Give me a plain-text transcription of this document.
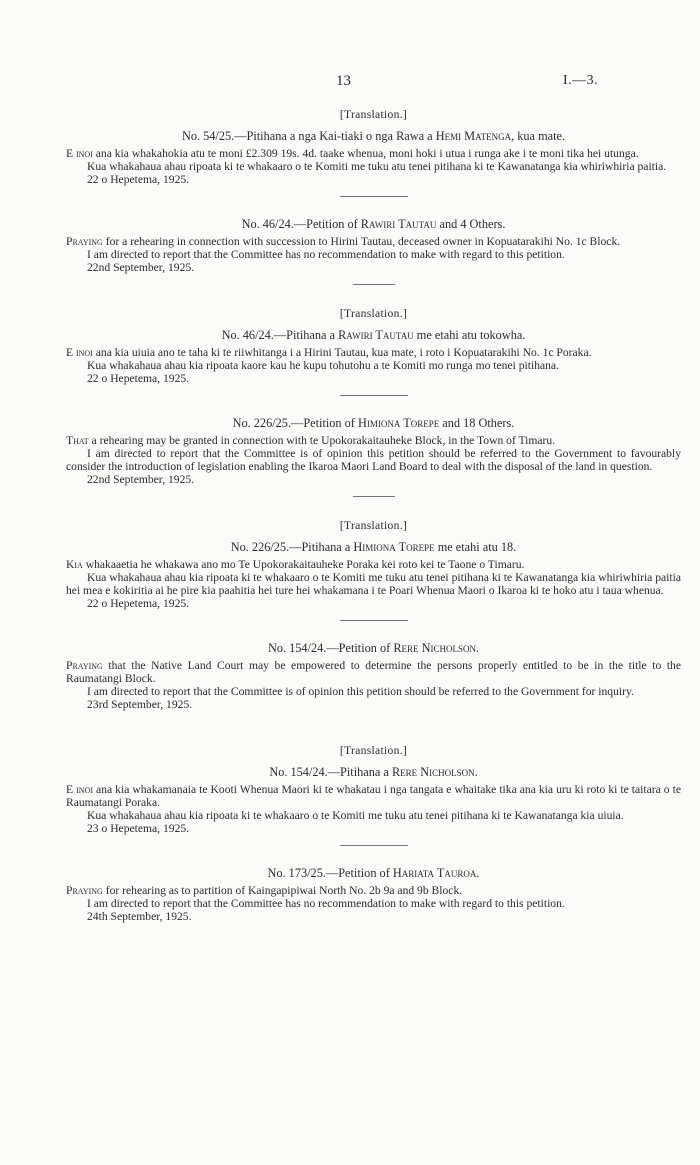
13	I.—3.
[Translation.]
No. 54/25.—Pitihana a nga Kai-tiaki o nga Rawa a Hemi Matenga, kua mate.

E inoi ana kia whakahokia atu te moni £2.309 19s. 4d. taake whenua, moni hoki i utua i runga ake i te moni tika hei utunga.

Kua whakahaua ahau ripoata ki te whakaaro o te Komiti me tuku atu tenei pitihana ki te Kawanatanga kia whiriwhiria paitia.

22 o Hepetema, 1925.
No. 46/24.—Petition of Rawiri Tautau and 4 Others.

Praying for a rehearing in connection with succession to Hirini Tautau, deceased owner in Kopuatarakihi No. 1c Block.

I am directed to report that the Committee has no recommendation to make with regard to this petition.

22nd September, 1925.
[Translation.]
No. 46/24.—Pitihana a Rawiri Tautau me etahi atu tokowha.

E inoi ana kia uiuia ano te taha ki te riiwhitanga i a Hirini Tautau, kua mate, i roto i Kopuatarakihi No. 1c Poraka.

Kua whakahaua ahau kia ripoata kaore kau he kupu tohutohu a te Komiti mo runga mo tenei pitihana.

22 o Hepetema, 1925.
No. 226/25.—Petition of Himiona Torepe and 18 Others.

That a rehearing may be granted in connection with te Upokorakaitauheke Block, in the Town of Timaru.

I am directed to report that the Committee is of opinion this petition should be referred to the Government to favourably consider the introduction of legislation enabling the Ikaroa Maori Land Board to deal with the disposal of the land in question.

22nd September, 1925.
[Translation.]
No. 226/25.—Pitihana a Himiona Torepe me etahi atu 18.

Kia whakaaetia he whakawa ano mo Te Upokorakaitauheke Poraka kei roto kei te Taone o Timaru.

Kua whakahaua ahau kia ripoata ki te whakaaro o te Komiti me tuku atu tenei pitihana ki te Kawanatanga kia whiriwhiria paitia hei mea e kokiritia ai he pire kia paahitia hei ture hei whakamana i te Poari Whenua Maori o Ikaroa ki te hoko atu i taua whenua.

22 o Hepetema, 1925.
No. 154/24.—Petition of Rere Nicholson.

Praying that the Native Land Court may be empowered to determine the persons properly entitled to be in the title to the Raumatangi Block.

I am directed to report that the Committee is of opinion this petition should be referred to the Government for inquiry.

23rd September, 1925.
[Translation.]
No. 154/24.—Pitihana a Rere Nicholson.

E inoi ana kia whakamanaia te Kooti Whenua Maori ki te whakatau i nga tangata e whaitake tika ana kia uru ki roto ki te taitara o te Raumatangi Poraka.

Kua whakahaua ahau kia ripoata ki te whakaaro o te Komiti me tuku atu tenei pitihana ki te Kawanatanga kia uiuia.

23 o Hepetema, 1925.
No. 173/25.—Petition of Hariata Tauroa.

Praying for rehearing as to partition of Kaingapipiwai North No. 2b 9a and 9b Block.

I am directed to report that the Committee has no recommendation to make with regard to this petition.

24th September, 1925.
